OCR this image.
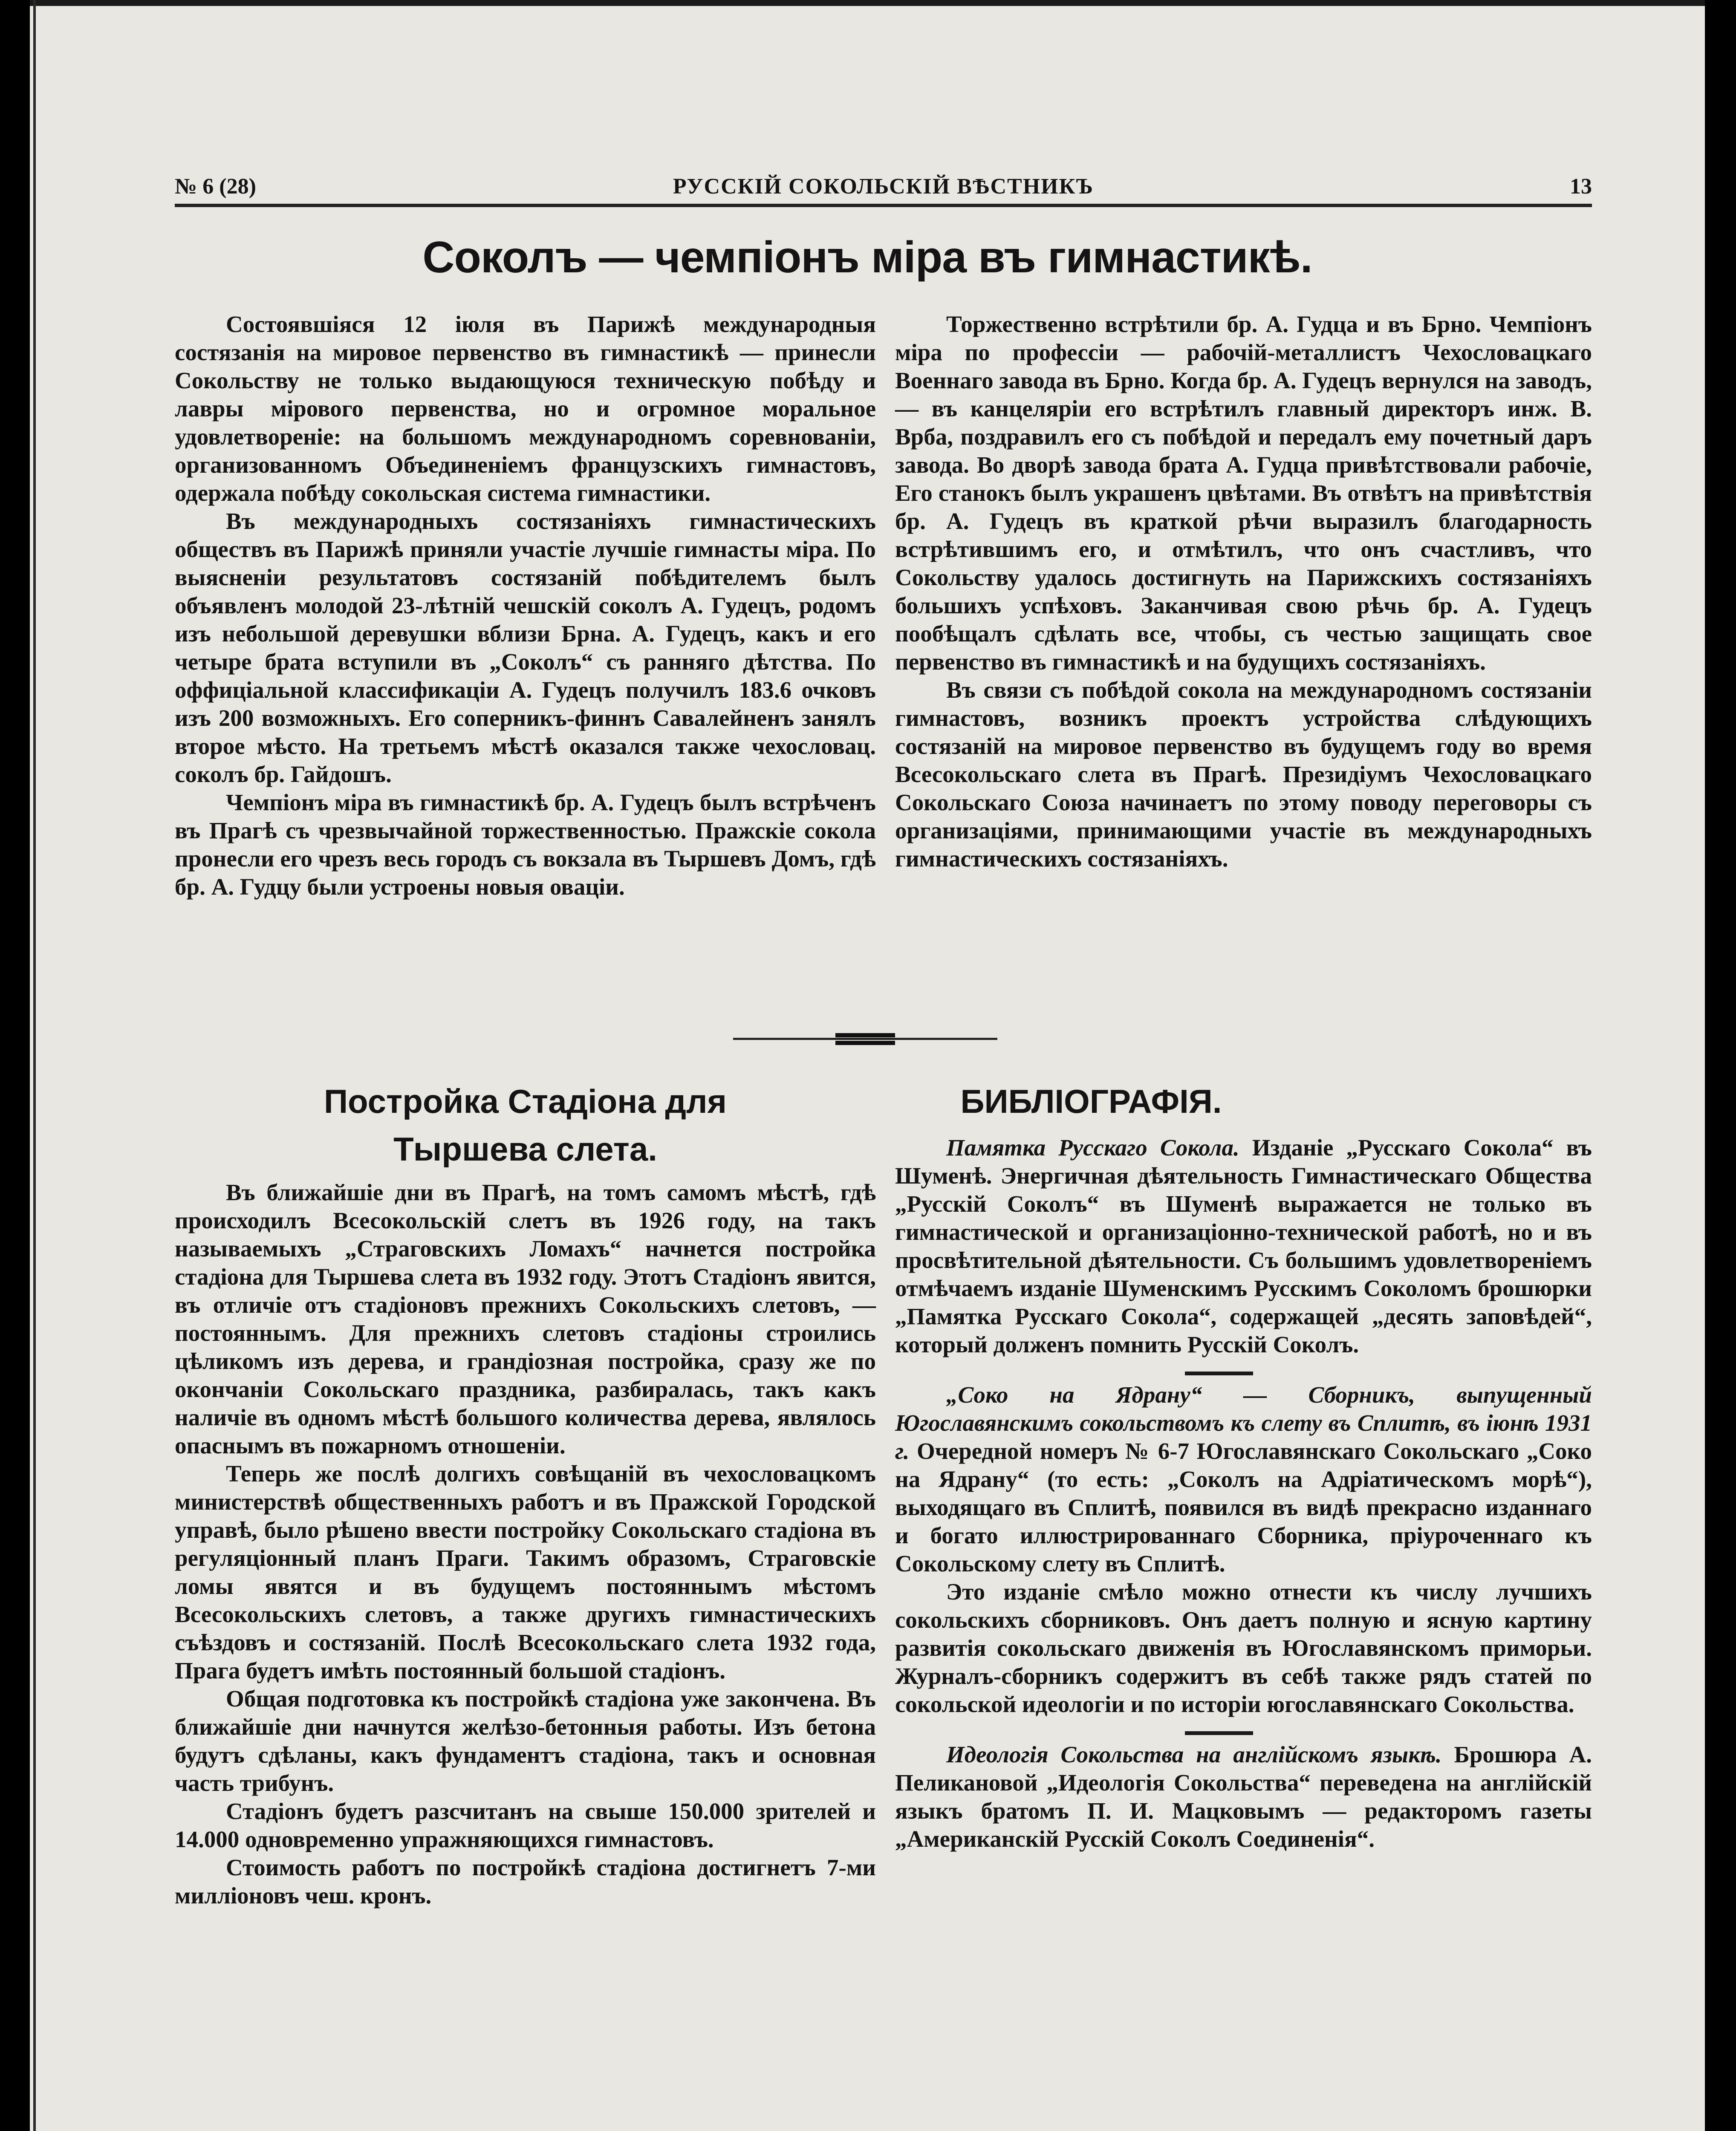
№ 6 (28)	РУССКІЙ СОКОЛЬСКІЙ ВѢСТНИКЪ	13
Соколъ — чемпіонъ міра въ гимнастикѣ.

Состоявшіяся 12 іюля въ Парижѣ международныя состязанія на мировое первенство въ гимнастикѣ — принесли Сокольству не только выдающуюся техническую побѣду и лавры мірового первенства, но и огромное моральное удовлетвореніе: на большомъ международномъ соревнованіи, организованномъ Объединеніемъ французскихъ гимнастовъ, одержала побѣду сокольская система гимнастики.

Въ международныхъ состязаніяхъ гимнастическихъ обществъ въ Парижѣ приняли участіе лучшіе гимнасты міра. По выясненіи результатовъ состязаній побѣдителемъ былъ объявленъ молодой 23-лѣтній чешскій соколъ А. Гудецъ, родомъ изъ небольшой деревушки вблизи Брна. А. Гудецъ, какъ и его четыре брата вступили въ „Соколъ“ съ ранняго дѣтства. По оффиціальной классификаціи А. Гудецъ получилъ 183.6 очковъ изъ 200 возможныхъ. Его соперникъ-финнъ Савалейненъ занялъ второе мѣсто. На третьемъ мѣстѣ оказался также чехословац. соколъ бр. Гайдошъ.

Чемпіонъ міра въ гимнастикѣ бр. А. Гудецъ былъ встрѣченъ въ Прагѣ съ чрезвычайной торжественностью. Пражскіе сокола пронесли его чрезъ весь городъ съ вокзала въ Тыршевъ Домъ, гдѣ бр. А. Гудцу были устроены новыя оваціи.

Торжественно встрѣтили бр. А. Гудца и въ Брно. Чемпіонъ міра по профессіи — рабочій-металлистъ Чехословацкаго Военнаго завода въ Брно. Когда бр. А. Гудецъ вернулся на заводъ, — въ канцеляріи его встрѣтилъ главный директоръ инж. В. Врба, поздравилъ его съ побѣдой и передалъ ему почетный даръ завода. Во дворѣ завода брата А. Гудца привѣтствовали рабочіе, Его станокъ былъ украшенъ цвѣтами. Въ отвѣтъ на привѣтствія бр. А. Гудецъ въ краткой рѣчи выразилъ благодарность встрѣтившимъ его, и отмѣтилъ, что онъ счастливъ, что Сокольству удалось достигнуть на Парижскихъ состязаніяхъ большихъ успѣховъ. Заканчивая свою рѣчь бр. А. Гудецъ пообѣщалъ сдѣлать все, чтобы, съ честью защищать свое первенство въ гимнастикѣ и на будущихъ состязаніяхъ.

Въ связи съ побѣдой сокола на международномъ состязаніи гимнастовъ, возникъ проектъ устройства слѣдующихъ состязаній на мировое первенство въ будущемъ году во время Всесокольскаго слета въ Прагѣ. Президіумъ Чехословацкаго Сокольскаго Союза начинаетъ по этому поводу переговоры съ организаціями, принимающими участіе въ международныхъ гимнастическихъ состязаніяхъ.

Постройка Стадіона для
Тыршева слета.

Въ ближайшіе дни въ Прагѣ, на томъ самомъ мѣстѣ, гдѣ происходилъ Всесокольскій слетъ въ 1926 году, на такъ называемыхъ „Страговскихъ Ломахъ“ начнется постройка стадіона для Тыршева слета въ 1932 году. Этотъ Стадіонъ явится, въ отличіе отъ стадіоновъ прежнихъ Сокольскихъ слетовъ, — постояннымъ. Для прежнихъ слетовъ стадіоны строились цѣликомъ изъ дерева, и грандіозная постройка, сразу же по окончаніи Сокольскаго праздника, разбиралась, такъ какъ наличіе въ одномъ мѣстѣ большого количества дерева, являлось опаснымъ въ пожарномъ отношеніи.

Теперь же послѣ долгихъ совѣщаній въ чехословацкомъ министерствѣ общественныхъ работъ и въ Пражской Городской управѣ, было рѣшено ввести постройку Сокольскаго стадіона въ регуляціонный планъ Праги. Такимъ образомъ, Страговскіе ломы явятся и въ будущемъ постояннымъ мѣстомъ Всесокольскихъ слетовъ, а также другихъ гимнастическихъ съѣздовъ и состязаній. Послѣ Всесокольскаго слета 1932 года, Прага будетъ имѣть постоянный большой стадіонъ.

Общая подготовка къ постройкѣ стадіона уже закончена. Въ ближайшіе дни начнутся желѣзо-бетонныя работы. Изъ бетона будутъ сдѣланы, какъ фундаментъ стадіона, такъ и основная часть трибунъ.

Стадіонъ будетъ разсчитанъ на свыше 150.000 зрителей и 14.000 одновременно упражняющихся гимнастовъ.

Стоимость работъ по постройкѣ стадіона достигнетъ 7-ми милліоновъ чеш. кронъ.

БИБЛІОГРАФІЯ.

Памятка Русскаго Сокола. Изданіе „Русскаго Сокола“ въ Шуменѣ. Энергичная дѣятельность Гимнастическаго Общества „Русскій Соколъ“ въ Шуменѣ выражается не только въ гимнастической и организаціонно-технической работѣ, но и въ просвѣтительной дѣятельности. Съ большимъ удовлетвореніемъ отмѣчаемъ изданіе Шуменскимъ Русскимъ Соколомъ брошюрки „Памятка Русскаго Сокола“, содержащей „десять заповѣдей“, который долженъ помнить Русскій Соколъ.

„Соко на Ядрану“ — Сборникъ, выпущенный Югославянскимъ сокольствомъ къ слету въ Сплитѣ, въ іюнѣ 1931 г. Очередной номеръ № 6-7 Югославянскаго Сокольскаго „Соко на Ядрану“ (то есть: „Соколъ на Адріатическомъ морѣ“), выходящаго въ Сплитѣ, появился въ видѣ прекрасно изданнаго и богато иллюстрированнаго Сборника, пріуроченнаго къ Сокольскому слету въ Сплитѣ.

Это изданіе смѣло можно отнести къ числу лучшихъ сокольскихъ сборниковъ. Онъ даетъ полную и ясную картину развитія сокольскаго движенія въ Югославянскомъ приморьи. Журналъ-сборникъ содержитъ въ себѣ также рядъ статей по сокольской идеологіи и по исторіи югославянскаго Сокольства.

Идеологія Сокольства на англійскомъ языкѣ. Брошюра А. Пеликановой „Идеологія Сокольства“ переведена на англійскій языкъ братомъ П. И. Мацковымъ — редакторомъ газеты „Американскій Русскій Соколъ Соединенія“.
